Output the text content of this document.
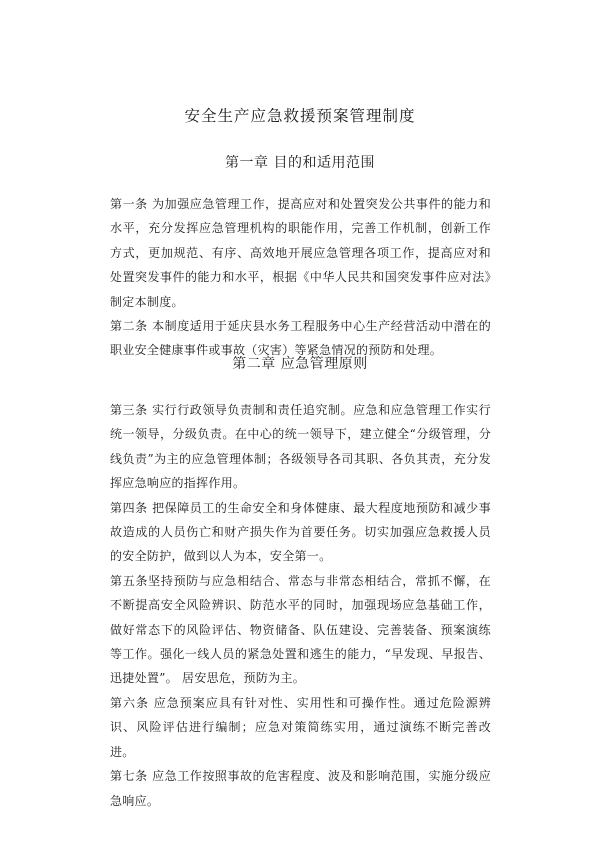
安全生产应急救援预案管理制度
第一章 目的和适用范围

第一条 为加强应急管理工作，提高应对和处置突发公共事件的能力和水平，充分发挥应急管理机构的职能作用，完善工作机制，创新工作方式，更加规范、有序、高效地开展应急管理各项工作，提高应对和处置突发事件的能力和水平，根据《中华人民共和国突发事件应对法》制定本制度。

第二条 本制度适用于延庆县水务工程服务中心生产经营活动中潜在的职业安全健康事件或事故（灾害）等紧急情况的预防和处理。

第二章 应急管理原则

第三条 实行行政领导负责制和责任追究制。应急和应急管理工作实行统一领导，分级负责。在中心的统一领导下，建立健全“分级管理，分线负责”为主的应急管理体制；各级领导各司其职、各负其责，充分发挥应急响应的指挥作用。

第四条 把保障员工的生命安全和身体健康、最大程度地预防和减少事故造成的人员伤亡和财产损失作为首要任务。切实加强应急救援人员的安全防护，做到以人为本，安全第一。

第五条坚持预防与应急相结合、常态与非常态相结合，常抓不懈，在不断提高安全风险辨识、防范水平的同时，加强现场应急基础工作，做好常态下的风险评估、物资储备、队伍建设、完善装备、预案演练等工作。强化一线人员的紧急处置和逃生的能力，“早发现、早报告、迅捷处置”。 居安思危，预防为主。

第六条 应急预案应具有针对性、实用性和可操作性。通过危险源辨识、风险评估进行编制；应急对策简练实用，通过演练不断完善改进。

第七条 应急工作按照事故的危害程度、波及和影响范围，实施分级应急响应。
